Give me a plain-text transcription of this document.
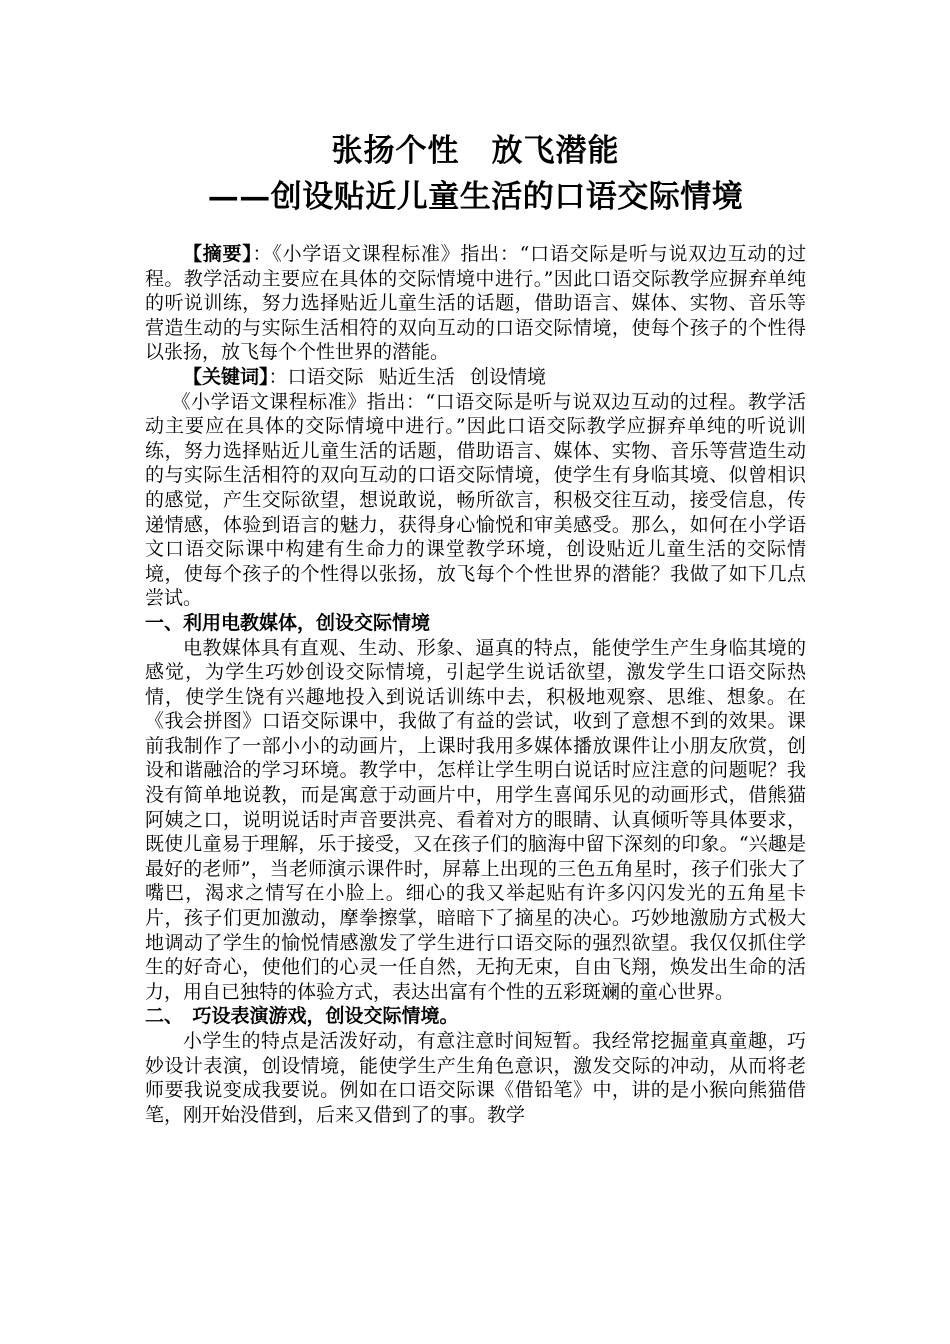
张扬个性　放飞潜能
——创设贴近儿童生活的口语交际情境

【摘要】：《小学语文课程标准》指出：“口语交际是听与说双边互动的过程。教学活动主要应在具体的交际情境中进行。”因此口语交际教学应摒弃单纯的听说训练，努力选择贴近儿童生活的话题，借助语言、媒体、实物、音乐等营造生动的与实际生活相符的双向互动的口语交际情境，使每个孩子的个性得以张扬，放飞每个个性世界的潜能。

【关键词】：口语交际 贴近生活 创设情境

《小学语文课程标准》指出：“口语交际是听与说双边互动的过程。教学活动主要应在具体的交际情境中进行。”因此口语交际教学应摒弃单纯的听说训练，努力选择贴近儿童生活的话题，借助语言、媒体、实物、音乐等营造生动的与实际生活相符的双向互动的口语交际情境，使学生有身临其境、似曾相识的感觉，产生交际欲望，想说敢说，畅所欲言，积极交往互动，接受信息，传递情感，体验到语言的魅力，获得身心愉悦和审美感受。那么，如何在小学语文口语交际课中构建有生命力的课堂教学环境，创设贴近儿童生活的交际情境，使每个孩子的个性得以张扬，放飞每个个性世界的潜能？我做了如下几点尝试。

一、利用电教媒体，创设交际情境

电教媒体具有直观、生动、形象、逼真的特点，能使学生产生身临其境的感觉，为学生巧妙创设交际情境，引起学生说话欲望，激发学生口语交际热情，使学生饶有兴趣地投入到说话训练中去，积极地观察、思维、想象。在《我会拼图》口语交际课中，我做了有益的尝试，收到了意想不到的效果。课前我制作了一部小小的动画片，上课时我用多媒体播放课件让小朋友欣赏，创设和谐融洽的学习环境。教学中，怎样让学生明白说话时应注意的问题呢？我没有简单地说教，而是寓意于动画片中，用学生喜闻乐见的动画形式，借熊猫阿姨之口，说明说话时声音要洪亮、看着对方的眼睛、认真倾听等具体要求，既使儿童易于理解，乐于接受，又在孩子们的脑海中留下深刻的印象。“兴趣是最好的老师”，当老师演示课件时，屏幕上出现的三色五角星时，孩子们张大了嘴巴，渴求之情写在小脸上。细心的我又举起贴有许多闪闪发光的五角星卡片，孩子们更加激动，摩拳擦掌，暗暗下了摘星的决心。巧妙地激励方式极大地调动了学生的愉悦情感激发了学生进行口语交际的强烈欲望。我仅仅抓住学生的好奇心，使他们的心灵一任自然，无拘无束，自由飞翔，焕发出生命的活力，用自已独特的体验方式，表达出富有个性的五彩斑斓的童心世界。

二、　巧设表演游戏，创设交际情境。

小学生的特点是活泼好动，有意注意时间短暂。我经常挖掘童真童趣，巧妙设计表演，创设情境，能使学生产生角色意识，激发交际的冲动，从而将老师要我说变成我要说。例如在口语交际课《借铅笔》中，讲的是小猴向熊猫借笔，刚开始没借到，后来又借到了的事。教学
